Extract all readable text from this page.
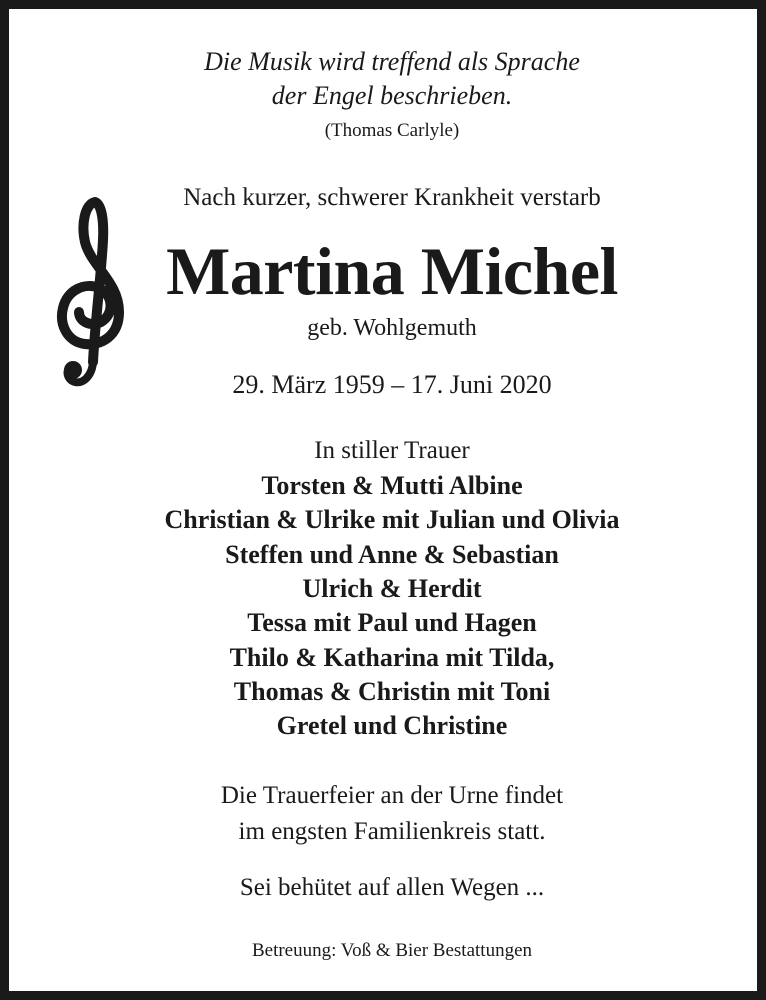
Die Musik wird treffend als Sprache
der Engel beschrieben.
(Thomas Carlyle)
Nach kurzer, schwerer Krankheit verstarb
Martina Michel
geb. Wohlgemuth
29. März 1959 – 17. Juni 2020
In stiller Trauer
Torsten & Mutti Albine
Christian & Ulrike mit Julian und Olivia
Steffen und Anne & Sebastian
Ulrich & Herdit
Tessa mit Paul und Hagen
Thilo & Katharina mit Tilda,
Thomas & Christin mit Toni
Gretel und Christine
Die Trauerfeier an der Urne findet
im engsten Familienkreis statt.
Sei behütet auf allen Wegen ...
Betreuung: Voß & Bier Bestattungen
